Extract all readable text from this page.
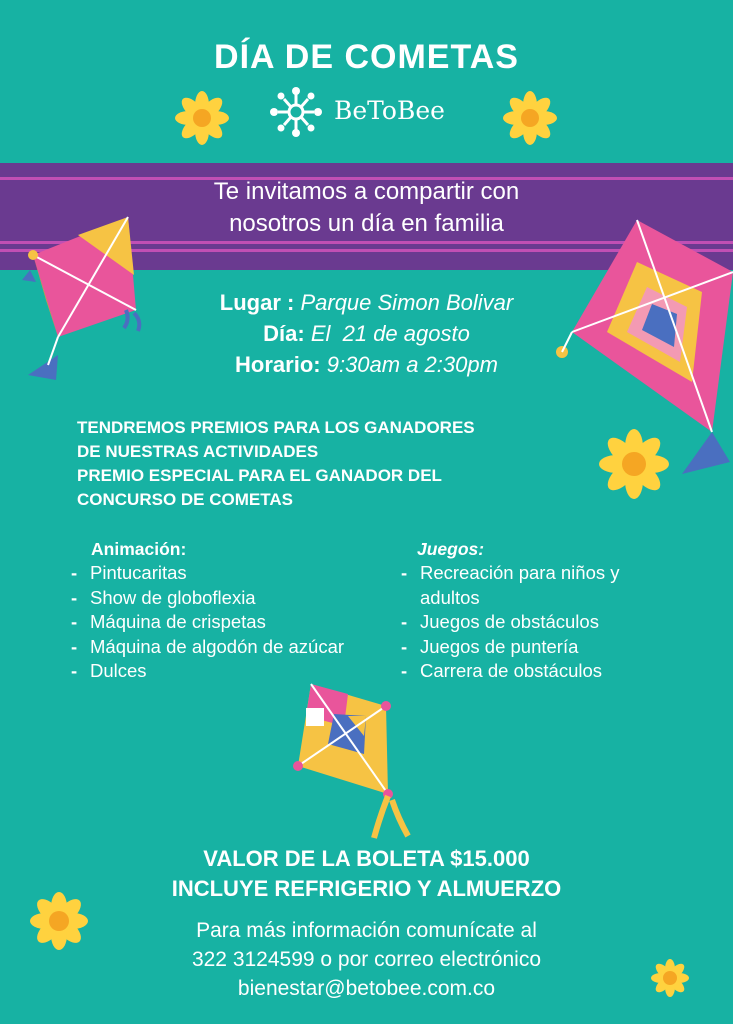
DÍA DE COMETAS
BeToBee
Te invitamos a compartir con
nosotros un día en familia
Lugar : Parque Simon Bolivar
Día: El  21 de agosto
Horario: 9:30am a 2:30pm
TENDREMOS PREMIOS PARA LOS GANADORES
DE NUESTRAS ACTIVIDADES
PREMIO ESPECIAL PARA EL GANADOR DEL
CONCURSO DE COMETAS
Animación:
- Pintucaritas
- Show de globoflexia
- Máquina de crispetas
- Máquina de algodón de azúcar
- Dulces
Juegos:
- Recreación para niños y adultos
- Juegos de obstáculos
- Juegos de puntería
- Carrera de obstáculos
VALOR DE LA BOLETA $15.000
INCLUYE REFRIGERIO Y ALMUERZO
Para más información comunícate al
322 3124599 o por correo electrónico
bienestar@betobee.com.co
